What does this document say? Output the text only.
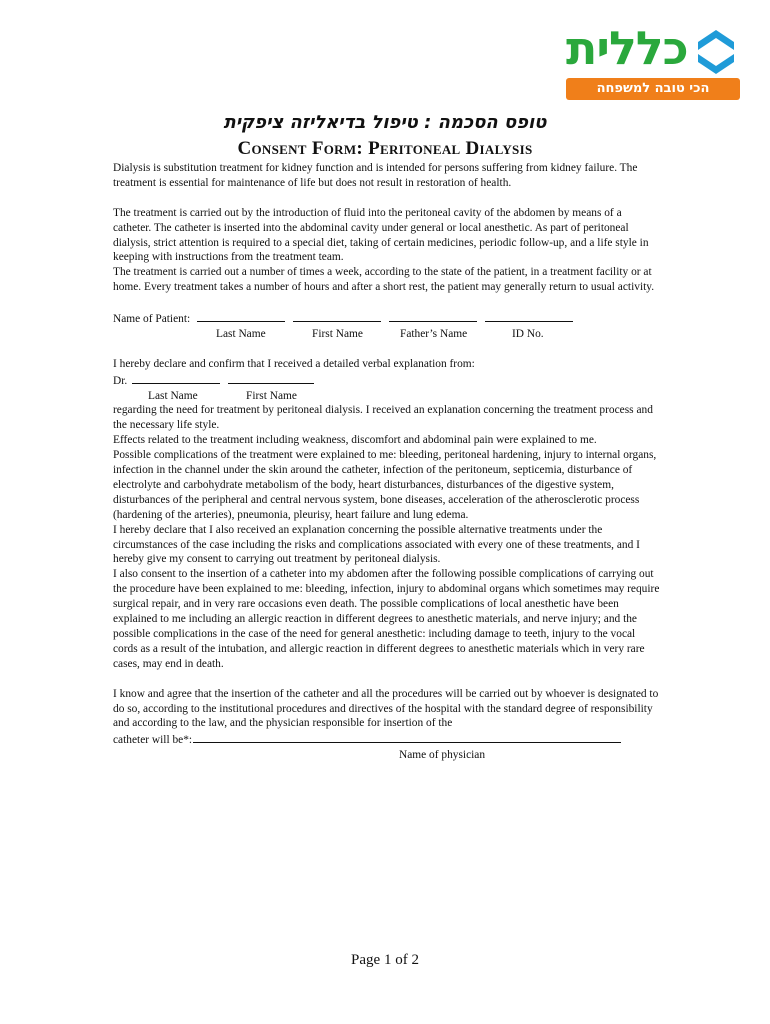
כללית
הכי טובה למשפחה
טופס הסכמה : טיפול בדיאליזה ציפקית
Consent Form: Peritoneal Dialysis

Dialysis is substitution treatment for kidney function and is intended for persons suffering from kidney failure. The treatment is essential for maintenance of life but does not result in restoration of health.

The treatment is carried out by the introduction of fluid into the peritoneal cavity of the abdomen by means of a catheter. The catheter is inserted into the abdominal cavity under general or local anesthetic. As part of peritoneal dialysis, strict attention is required to a special diet, taking of certain medicines, periodic follow-up, and a life style in keeping with instructions from the treatment team.

The treatment is carried out a number of times a week, according to the state of the patient, in a treatment facility or at home. Every treatment takes a number of hours and after a short rest, the patient may generally return to usual activity.

Name of Patient:
Last Name	First Name	Father’s Name	ID No.

I hereby declare and confirm that I received a detailed verbal explanation from:

Dr.
Last Name	First Name

regarding the need for treatment by peritoneal dialysis. I received an explanation concerning the treatment process and the necessary life style.

Effects related to the treatment including weakness, discomfort and abdominal pain were explained to me.

Possible complications of the treatment were explained to me: bleeding, peritoneal hardening, injury to internal organs, infection in the channel under the skin around the catheter, infection of the peritoneum, septicemia, disturbance of electrolyte and carbohydrate metabolism of the body, heart disturbances, disturbances of the digestive system, disturbances of the peripheral and central nervous system, bone diseases, acceleration of the atherosclerotic process (hardening of the arteries), pneumonia, pleurisy, heart failure and lung edema.

I hereby declare that I also received an explanation concerning the possible alternative treatments under the circumstances of the case including the risks and complications associated with every one of these treatments, and I hereby give my consent to carrying out treatment by peritoneal dialysis.

I also consent to the insertion of a catheter into my abdomen after the following possible complications of carrying out the procedure have been explained to me: bleeding, infection, injury to abdominal organs which sometimes may require surgical repair, and in very rare occasions even death. The possible complications of local anesthetic have been explained to me including an allergic reaction in different degrees to anesthetic materials, and nerve injury; and the possible complications in the case of the need for general anesthetic: including damage to teeth, injury to the vocal cords as a result of the intubation, and allergic reaction in different degrees to anesthetic materials which in very rare cases, may end in death.

I know and agree that the insertion of the catheter and all the procedures will be carried out by whoever is designated to do so, according to the institutional procedures and directives of the hospital with the standard degree of responsibility and according to the law, and the physician responsible for insertion of the

catheter will be*:
Name of physician
Page 1 of 2
